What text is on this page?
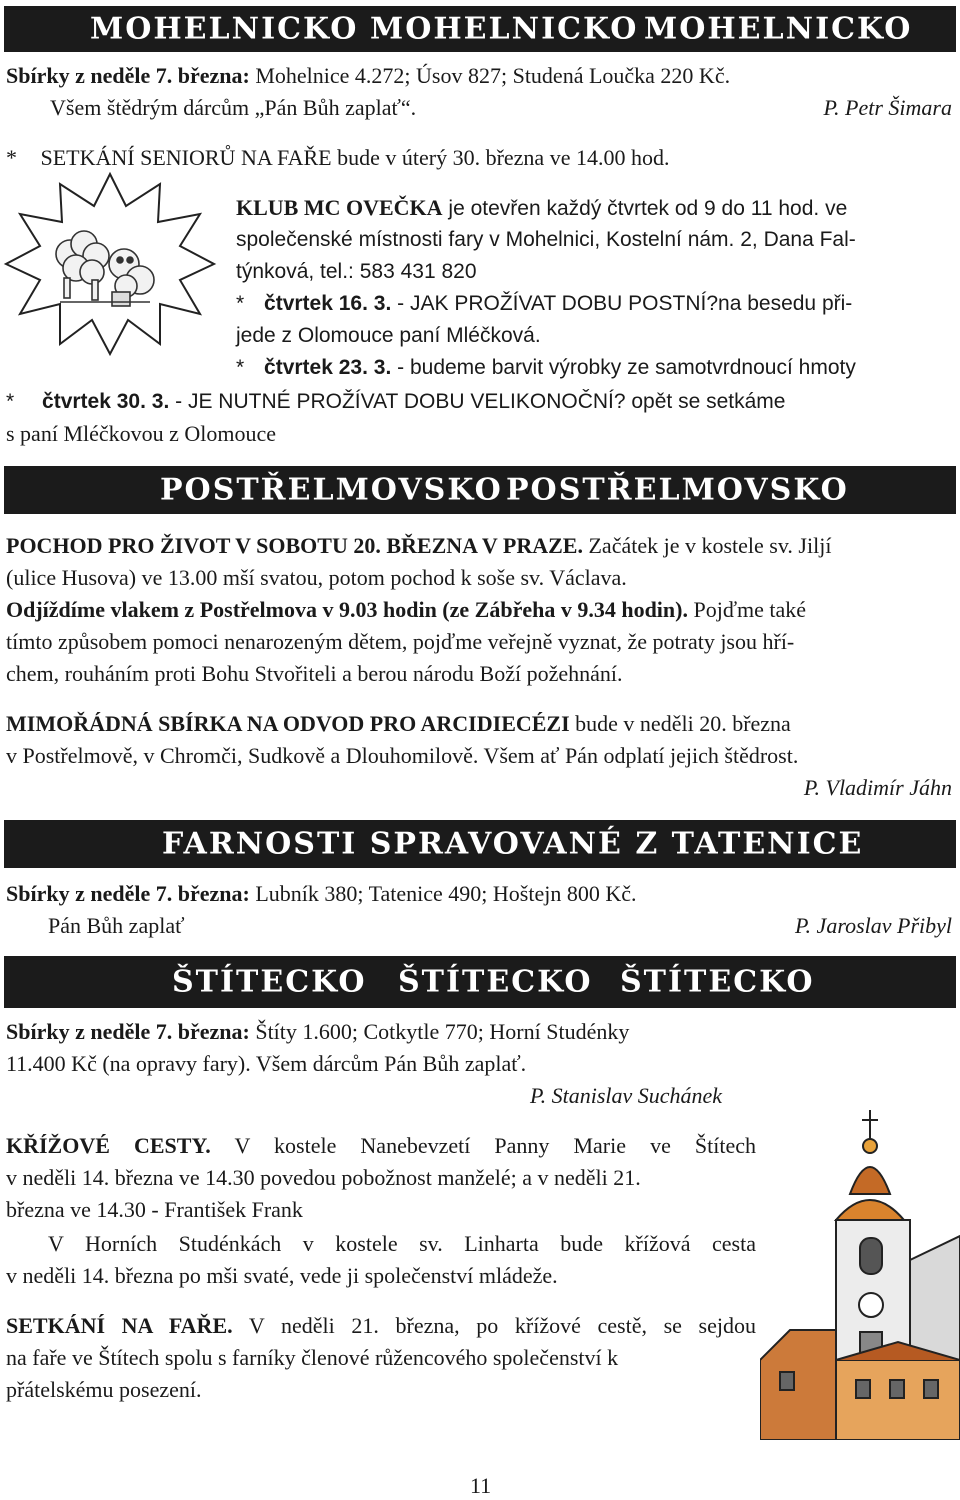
MOHELNICKO MOHELNICKO MOHELNICKO
Sbírky z neděle 7. března: Mohelnice 4.272; Úsov 827; Studená Loučka 220 Kč.
Všem štědrým dárcům „Pán Bůh zaplať“.	P. Petr Šimara
* SETKÁNÍ SENIORŮ NA FAŘE bude v úterý 30. března ve 14.00 hod.
KLUB MC OVEČKA je otevřen každý čtvrtek od 9 do 11 hod. ve
společenské místnosti fary v Mohelnici, Kostelní nám. 2, Dana Fal-
týnková, tel.: 583 431 820
* čtvrtek 16. 3. - JAK PROŽÍVAT DOBU POSTNÍ?na besedu při-
jede z Olomouce paní Mléčková.
* čtvrtek 23. 3. - budeme barvit výrobky ze samotvrdnoucí hmoty
* čtvrtek 30. 3. - JE NUTNÉ PROŽÍVAT DOBU VELIKONOČNÍ? opět se setkáme
s paní Mléčkovou z Olomouce
POSTŘELMOVSKO POSTŘELMOVSKO
POCHOD PRO ŽIVOT V SOBOTU 20. BŘEZNA V PRAZE. Začátek je v kostele sv. Jiljí
(ulice Husova) ve 13.00 mší svatou, potom pochod k soše sv. Václava.
Odjíždíme vlakem z Postřelmova v 9.03 hodin (ze Zábřeha v 9.34 hodin). Pojďme také
tímto způsobem pomoci nenarozeným dětem, pojďme veřejně vyznat, že potraty jsou hří-
chem, rouháním proti Bohu Stvořiteli a berou národu Boží požehnání.
MIMOŘÁDNÁ SBÍRKA NA ODVOD PRO ARCIDIECÉZI bude v neděli 20. března
v Postřelmově, v Chromči, Sudkově a Dlouhomilově. Všem ať Pán odplatí jejich štědrost.
P. Vladimír Jáhn
FARNOSTI SPRAVOVANÉ Z TATENICE
Sbírky z neděle 7. března: Lubník 380; Tatenice 490; Hoštejn 800 Kč.
Pán Bůh zaplať	P. Jaroslav Přibyl
ŠTÍTECKO ŠTÍTECKO ŠTÍTECKO
Sbírky z neděle 7. března: Štíty 1.600; Cotkytle 770; Horní Studénky
11.400 Kč (na opravy fary). Všem dárcům Pán Bůh zaplať.
P. Stanislav Suchánek
KŘÍŽOVÉ CESTY. V kostele Nanebevzetí Panny Marie ve Štítech
v neděli 14. března ve 14.30 povedou pobožnost manželé; a v neděli 21.
března ve 14.30 - František Frank
V Horních Studénkách v kostele sv. Linharta bude křížová cesta
v neděli 14. března po mši svaté, vede ji společenství mládeže.
SETKÁNÍ NA FAŘE. V neděli 21. března, po křížové cestě, se sejdou
na faře ve Štítech spolu s farníky členové růžencového společenství k
přátelskému posezení.
11
